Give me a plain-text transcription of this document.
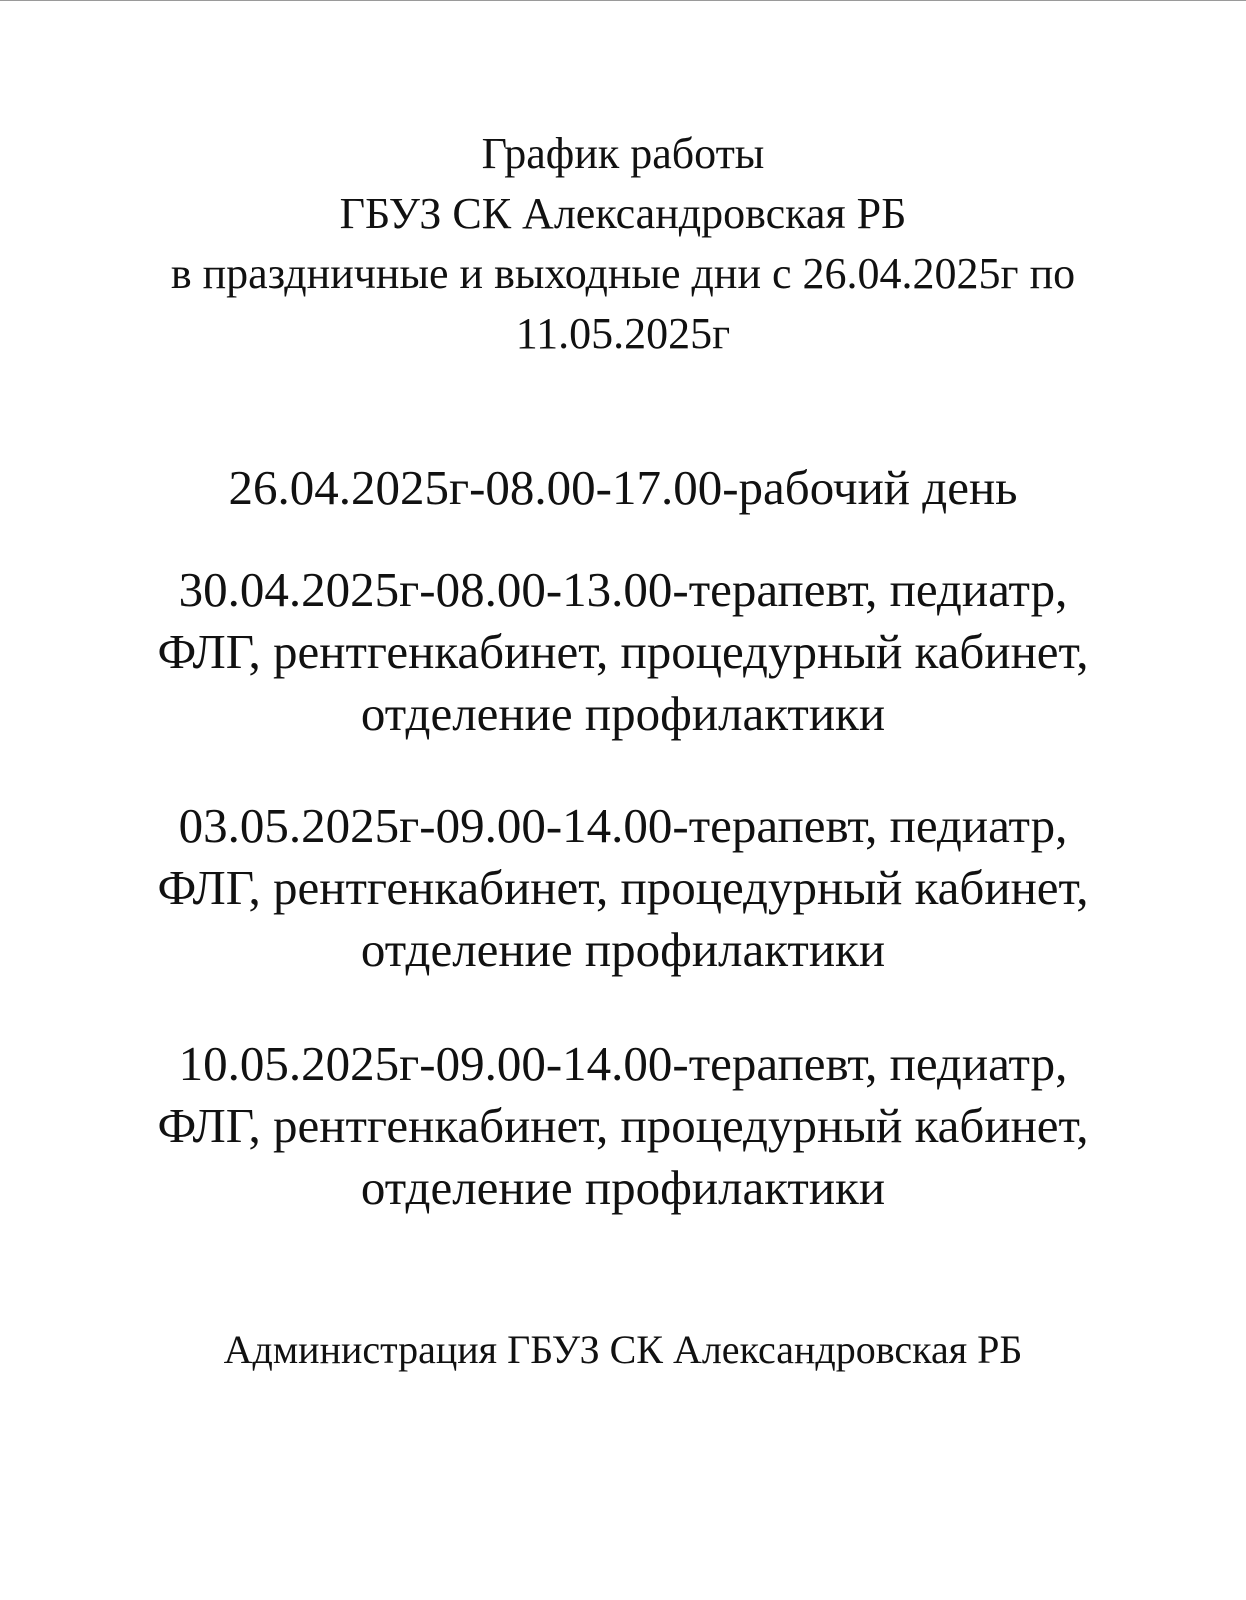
График работы
ГБУЗ СК Александровская РБ
в праздничные и выходные дни с 26.04.2025г по
11.05.2025г
26.04.2025г-08.00-17.00-рабочий день
30.04.2025г-08.00-13.00-терапевт, педиатр,
ФЛГ, рентгенкабинет, процедурный кабинет,
отделение профилактики
03.05.2025г-09.00-14.00-терапевт, педиатр,
ФЛГ, рентгенкабинет, процедурный кабинет,
отделение профилактики
10.05.2025г-09.00-14.00-терапевт, педиатр,
ФЛГ, рентгенкабинет, процедурный кабинет,
отделение профилактики
Администрация ГБУЗ СК Александровская РБ
